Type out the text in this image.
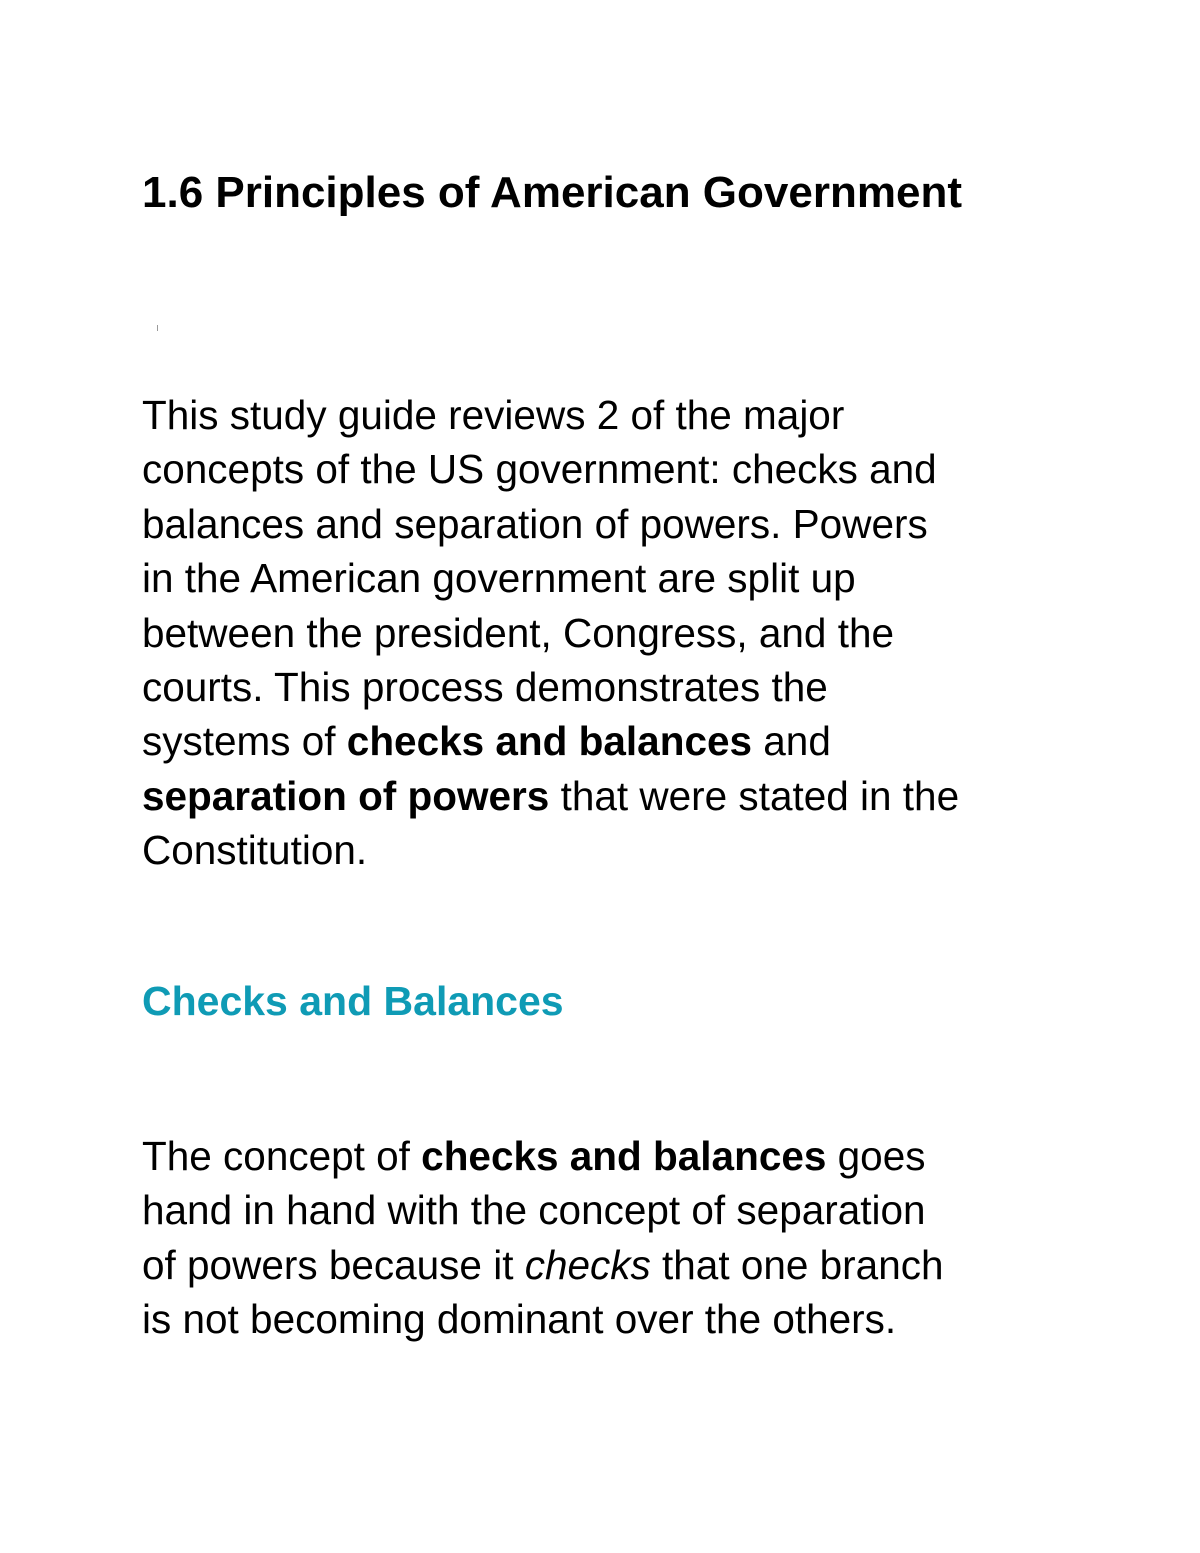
1.6 Principles of American Government

This study guide reviews 2 of the major
concepts of the US government: checks and
balances and separation of powers. Powers
in the American government are split up
between the president, Congress, and the
courts. This process demonstrates the
systems of checks and balances and
separation of powers that were stated in the
Constitution.

Checks and Balances

The concept of checks and balances goes
hand in hand with the concept of separation
of powers because it checks that one branch
is not becoming dominant over the others.
